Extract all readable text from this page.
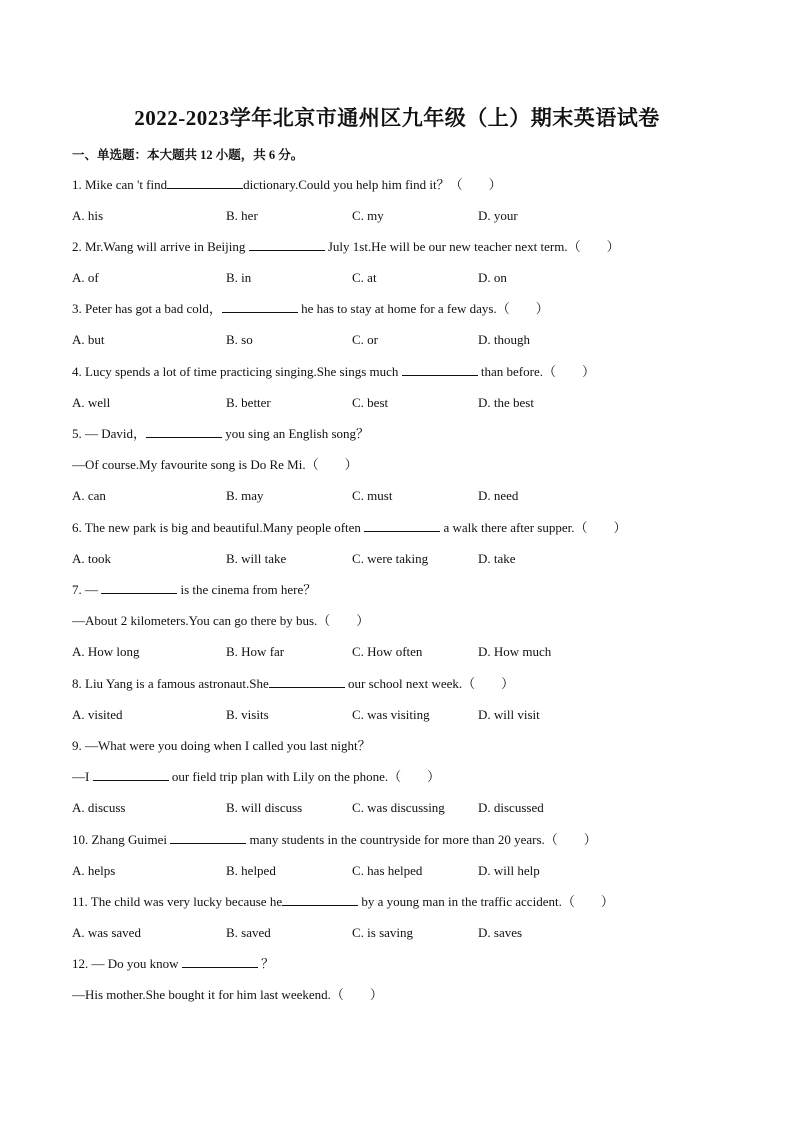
2022-2023学年北京市通州区九年级（上）期末英语试卷
一、单选题：本大题共 12 小题，共 6 分。
1. Mike can 't find	dictionary.Could you help him find it？（　　）
A. his	B. her	C. my	D. your
2. Mr.Wang will arrive in Beijing	July 1st.He will be our new teacher next term.（　　）
A. of	B. in	C. at	D. on
3. Peter has got a bad cold，	he has to stay at home for a few days.（　　）
A. but	B. so	C. or	D. though
4. Lucy spends a lot of time practicing singing.She sings much	than before.（　　）
A. well	B. better	C. best	D. the best
5. — David，	you sing an English song？
—Of course.My favourite song is Do Re Mi.（　　）
A. can	B. may	C. must	D. need
6. The new park is big and beautiful.Many people often	a walk there after supper.（　　）
A. took	B. will take	C. were taking	D. take
7. —	is the cinema from here？
—About 2 kilometers.You can go there by bus.（　　）
A. How long	B. How far	C. How often	D. How much
8. Liu Yang is a famous astronaut.She	our school next week.（　　）
A. visited	B. visits	C. was visiting	D. will visit
9. —What were you doing when I called you last night？
—I	our field trip plan with Lily on the phone.（　　）
A. discuss	B. will discuss	C. was discussing	D. discussed
10. Zhang Guimei	many students in the countryside for more than 20 years.（　　）
A. helps	B. helped	C. has helped	D. will help
11. The child was very lucky because he	by a young man in the traffic accident.（　　）
A. was saved	B. saved	C. is saving	D. saves
12. — Do you know	？
—His mother.She bought it for him last weekend.（　　）
